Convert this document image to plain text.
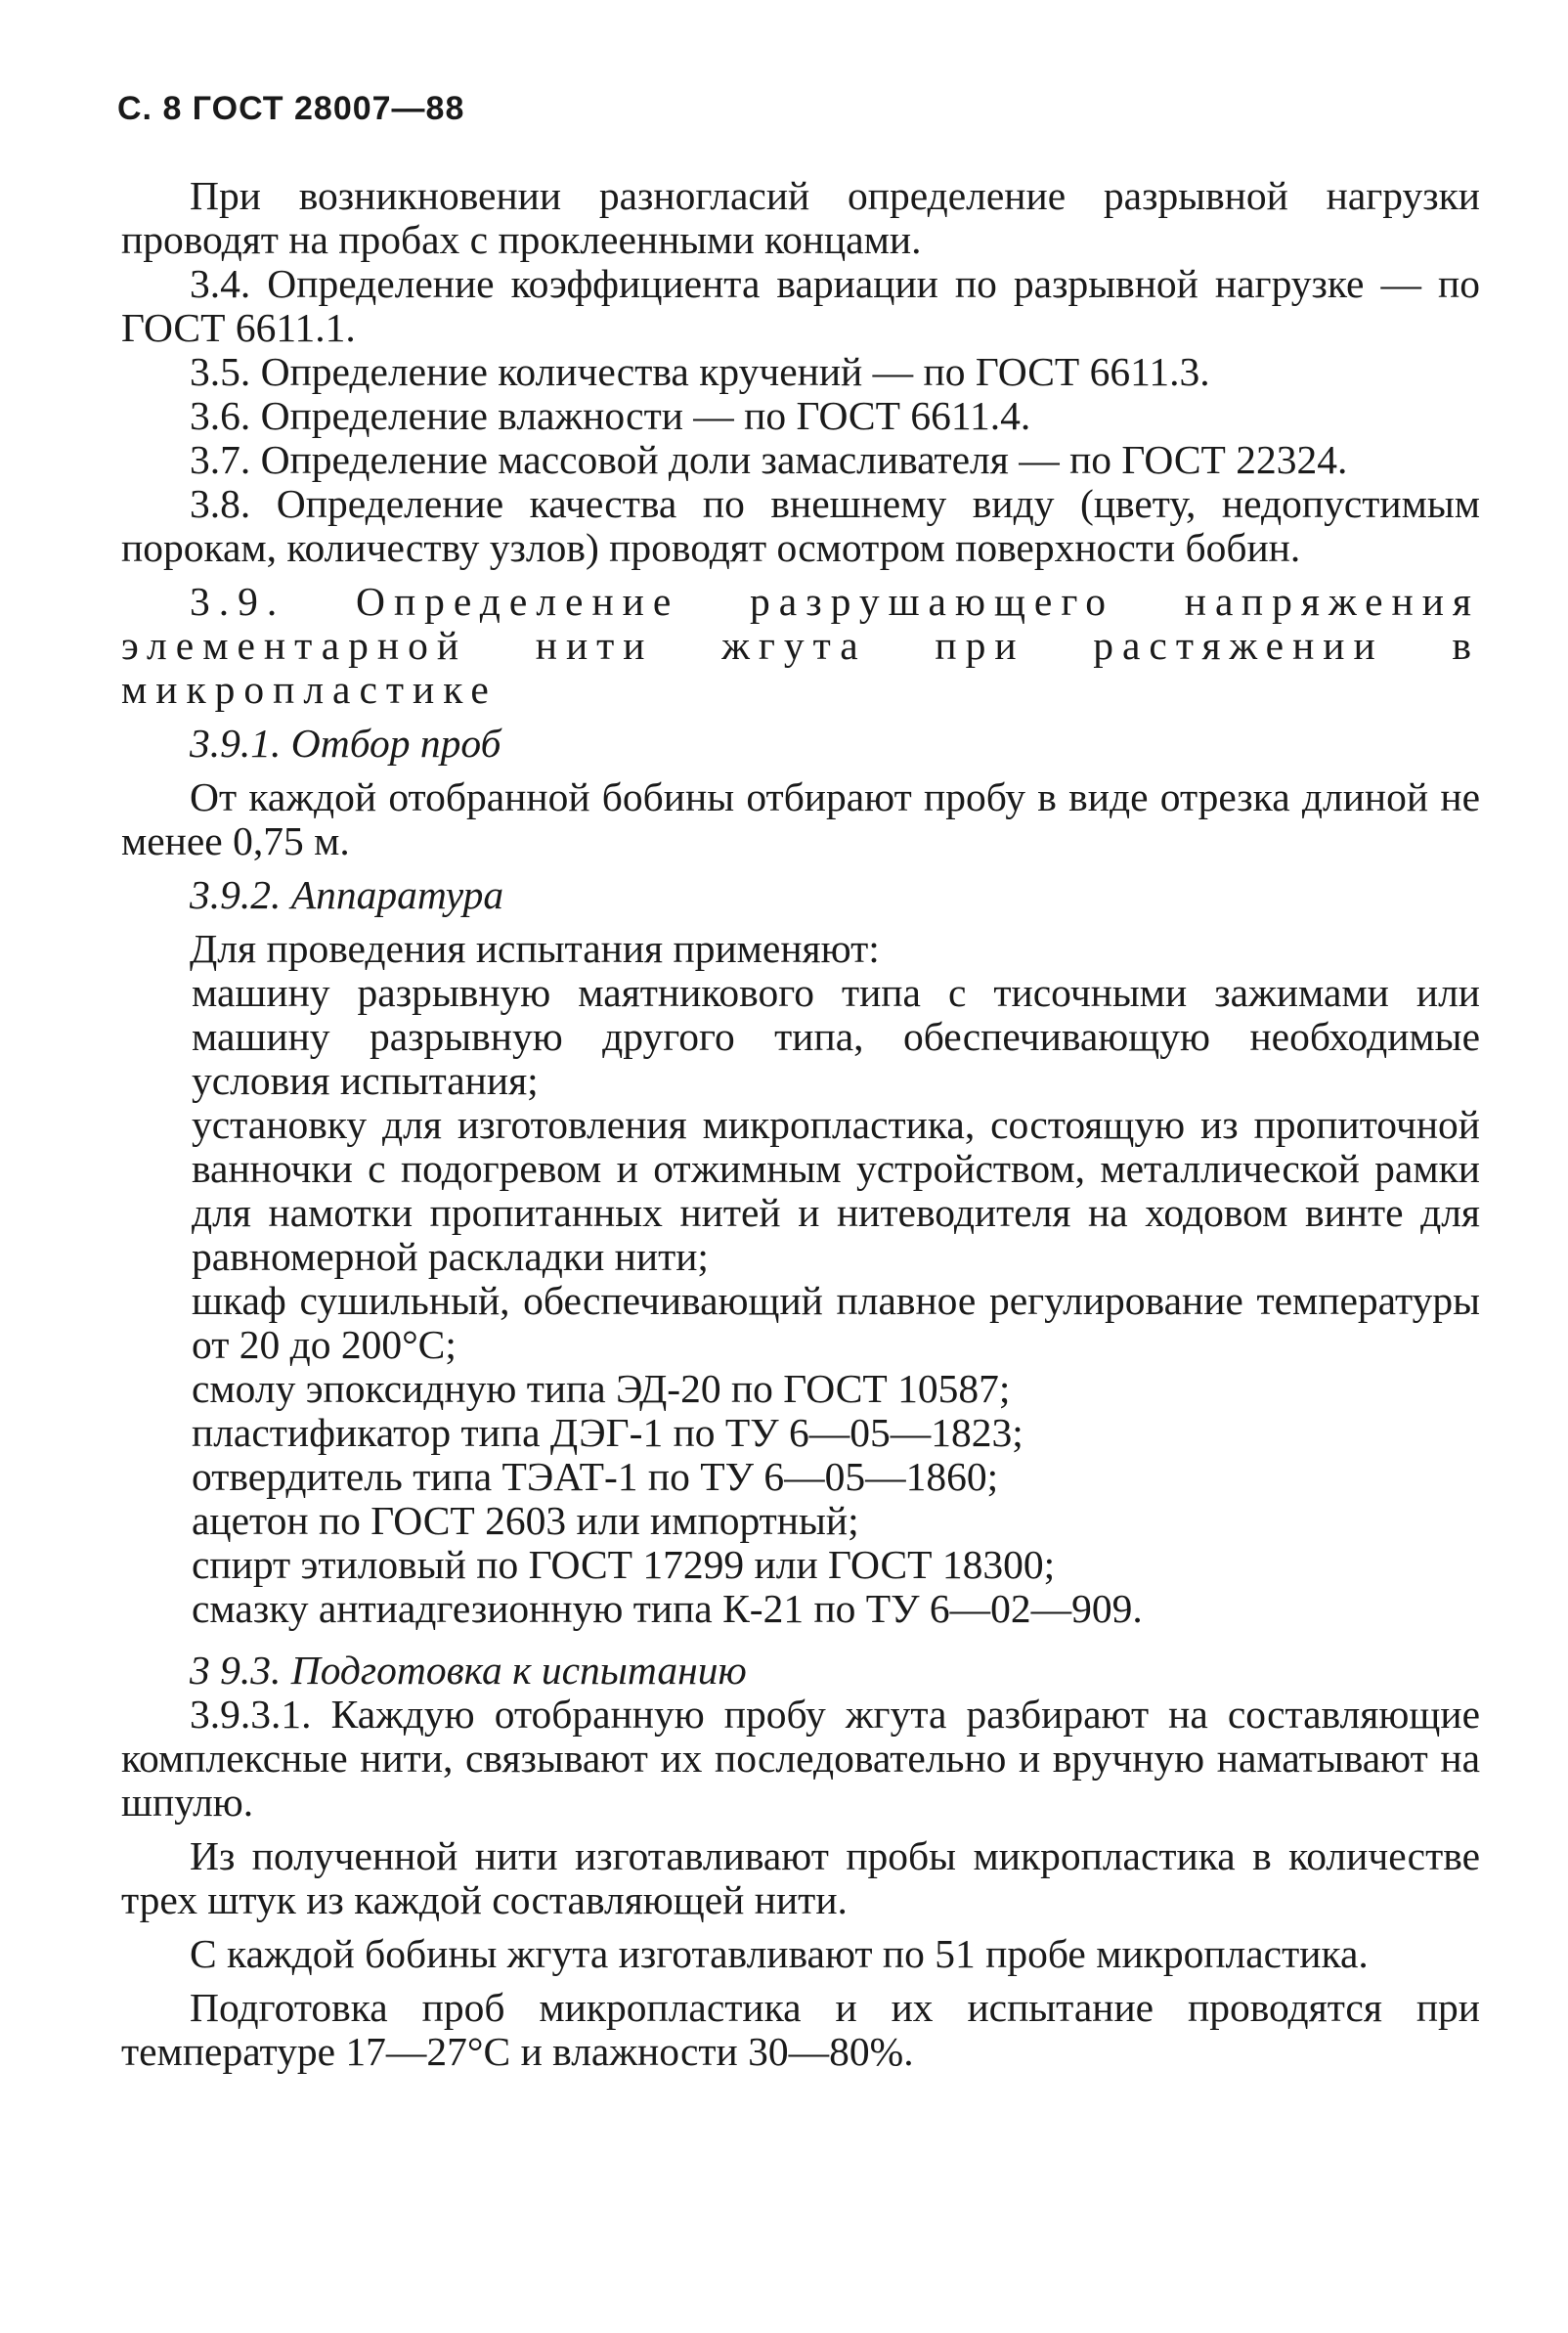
С. 8 ГОСТ 28007—88

При возникновении разногласий определение разрывной нагрузки проводят на пробах с проклеенными концами.

3.4. Определение коэффициента вариации по разрывной нагрузке — по ГОСТ 6611.1.

3.5. Определение количества кручений — по ГОСТ 6611.3.

3.6. Определение влажности — по ГОСТ 6611.4.

3.7. Определение массовой доли замасливателя — по ГОСТ 22324.

3.8. Определение качества по внешнему виду (цвету, недопустимым порокам, количеству узлов) проводят осмотром поверхности бобин.

3.9. Определение разрушающего напряжения элементарной нити жгута при растяжении в микропластике

3.9.1. Отбор проб

От каждой отобранной бобины отбирают пробу в виде отрезка длиной не менее 0,75 м.

3.9.2. Аппаратура

Для проведения испытания применяют:

машину разрывную маятникового типа с тисочными зажимами или машину разрывную другого типа, обеспечивающую необходимые условия испытания;

установку для изготовления микропластика, состоящую из пропиточной ванночки с подогревом и отжимным устройством, металлической рамки для намотки пропитанных нитей и нитеводителя на ходовом винте для равномерной раскладки нити;

шкаф сушильный, обеспечивающий плавное регулирование температуры от 20 до 200°С;

смолу эпоксидную типа ЭД-20 по ГОСТ 10587;

пластификатор типа ДЭГ-1 по ТУ 6—05—1823;

отвердитель типа ТЭАТ-1 по ТУ 6—05—1860;

ацетон по ГОСТ 2603 или импортный;

спирт этиловый по ГОСТ 17299 или ГОСТ 18300;

смазку антиадгезионную типа К-21 по ТУ 6—02—909.

3 9.3. Подготовка к испытанию

3.9.3.1. Каждую отобранную пробу жгута разбирают на составляющие комплексные нити, связывают их последовательно и вручную наматывают на шпулю.

Из полученной нити изготавливают пробы микропластика в количестве трех штук из каждой составляющей нити.

С каждой бобины жгута изготавливают по 51 пробе микропластика.

Подготовка проб микропластика и их испытание проводятся при температуре 17—27°С и влажности 30—80%.
